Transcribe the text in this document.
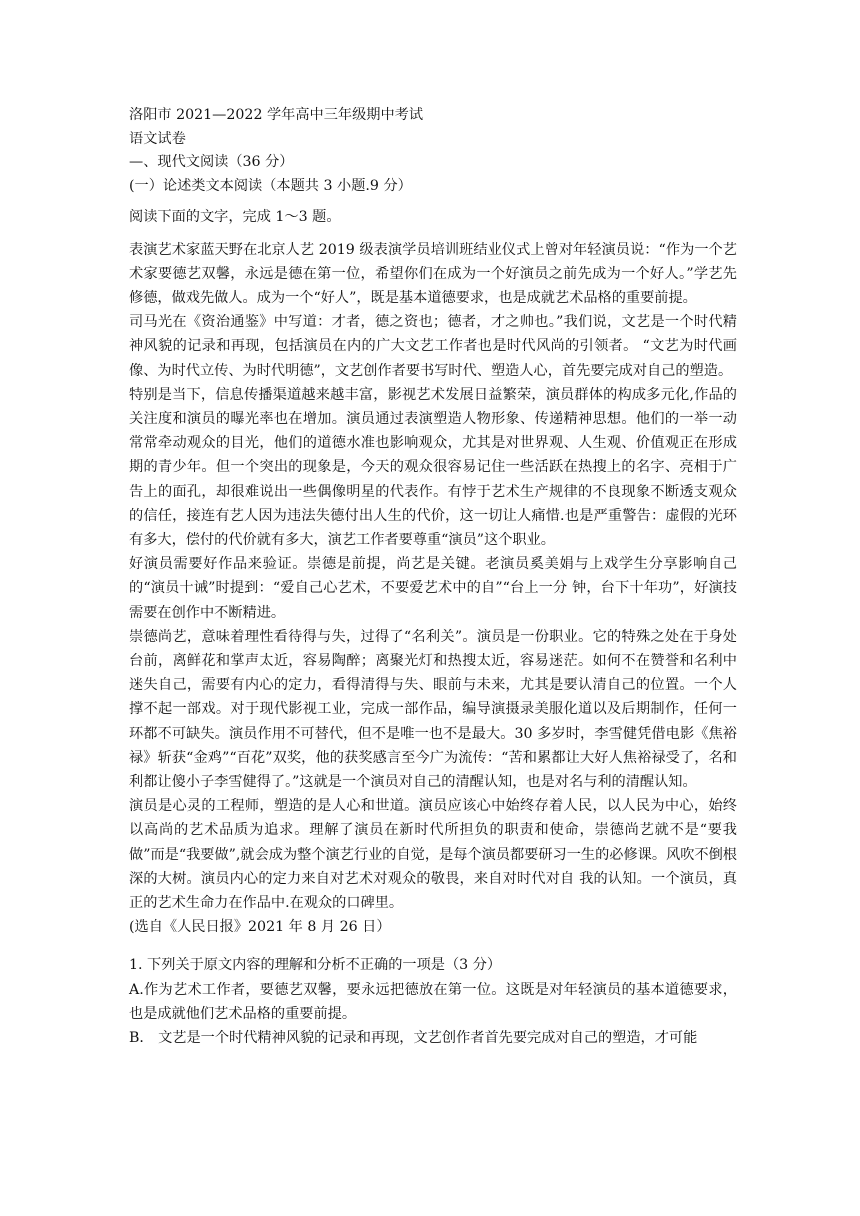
洛阳市 2021—2022 学年高中三年级期中考试

语文试卷

—、现代文阅读（36 分）

(一）论述类文本阅读（本题共 3 小题.9 分）

阅读下面的文字，完成 1〜3 题。

表演艺术家蓝天野在北京人艺 2019 级表演学员培训班结业仪式上曾对年轻演员说：“作为一个艺术家要德艺双馨，永远是德在第一位，希望你们在成为一个好演员之前先成为一个好人。”学艺先修德，做戏先做人。成为一个“好人”，既是基本道德要求，也是成就艺术品格的重要前提。

司马光在《资治通鉴》中写道：才者，德之资也；德者，才之帅也。”我们说，文艺是一个时代精神风貌的记录和再现，包括演员在内的广大文艺工作者也是时代风尚的引领者。 “文艺为时代画像、为时代立传、为时代明德”，文艺创作者要书写时代、塑造人心，首先要完成对自己的塑造。

特别是当下，信息传播渠道越来越丰富，影视艺术发展日益繁荣，演员群体的构成多元化,作品的关注度和演员的曝光率也在增加。演员通过表演塑造人物形象、传递精神思想。他们的一举一动常常牵动观众的目光，他们的道德水准也影响观众，尤其是对世界观、人生观、价值观正在形成期的青少年。但一个突出的现象是，今天的观众很容易记住一些活跃在热搜上的名字、亮相于广告上的面孔，却很难说出一些偶像明星的代表作。有悖于艺术生产规律的不良现象不断透支观众的信任，接连有艺人因为违法失德付出人生的代价，这一切让人痛惜.也是严重警告：虚假的光环有多大，偿付的代价就有多大，演艺工作者要尊重“演员”这个职业。

好演员需要好作品来验证。崇德是前提，尚艺是关键。老演员奚美娟与上戏学生分享影响自己的“演员十诫”时提到：“爱自己心艺术，不要爱艺术中的自”“台上一分 钟，台下十年功”，好演技需要在创作中不断精进。

崇德尚艺，意味着理性看待得与失，过得了“名利关”。演员是一份职业。它的特殊之处在于身处台前，离鲜花和掌声太近，容易陶醉；离聚光灯和热搜太近，容易迷茫。如何不在赞誉和名利中迷失自己，需要有内心的定力，看得清得与失、眼前与未来，尤其是要认清自己的位置。一个人撑不起一部戏。对于现代影视工业，完成一部作品，编导演摄录美服化道以及后期制作，任何一环都不可缺失。演员作用不可替代，但不是唯一也不是最大。30 多岁时，李雪健凭借电影《焦裕禄》斩获“金鸡”“百花”双奖，他的获奖感言至今广为流传：“苦和累都让大好人焦裕禄受了，名和利都让傻小子李雪健得了。”这就是一个演员对自己的清醒认知，也是对名与利的清醒认知。

演员是心灵的工程师，塑造的是人心和世道。演员应该心中始终存着人民，以人民为中心，始终以高尚的艺术品质为追求。理解了演员在新时代所担负的职责和使命，崇德尚艺就不是“要我做”而是“我要做”,就会成为整个演艺行业的自觉，是每个演员都要研习一生的必修课。风吹不倒根深的大树。演员内心的定力来自对艺术对观众的敬畏，来自对时代对自 我的认知。一个演员，真正的艺术生命力在作品中.在观众的口碑里。

(选自《人民日报》2021 年 8 月 26 日）

1. 下列关于原文内容的理解和分析不正确的一项是（3 分）

A.作为艺术工作者，要德艺双馨，要永远把德放在第一位。这既是对年轻演员的基本道德要求，也是成就他们艺术品格的重要前提。

B． 文艺是一个时代精神风貌的记录和再现，文艺创作者首先要完成对自己的塑造，才可能
